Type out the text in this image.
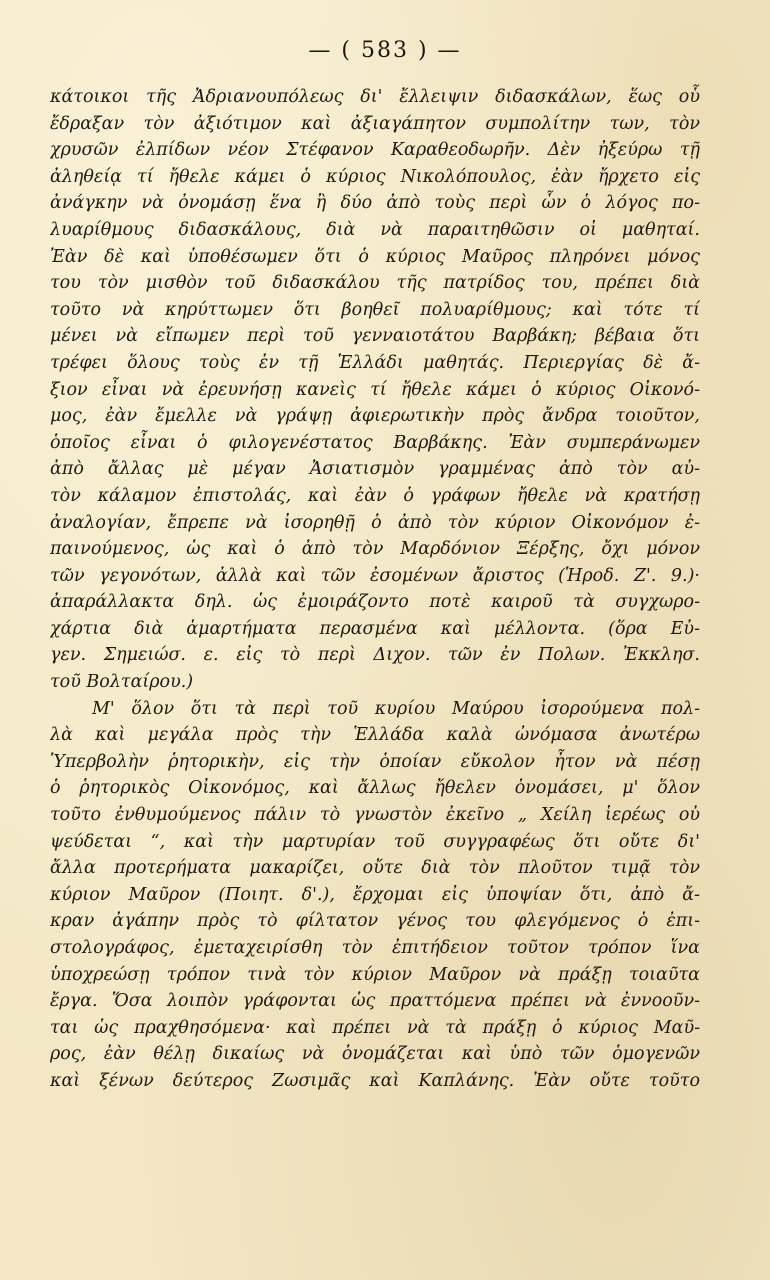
— ( 583 ) —
κάτοικοι τῆς Ἀδριανουπόλεως δι' ἔλλειψιν διδασκάλων, ἕως οὗ
ἔδραξαν τὸν ἀξιότιμον καὶ ἀξιαγάπητον συμπολίτην των, τὸν
χρυσῶν ἐλπίδων νέον Στέφανον Καραθεοδωρῆν. Δὲν ἠξεύρω τῇ
ἀληθείᾳ τί ἤθελε κάμει ὁ κύριος Νικολόπουλος, ἐὰν ἤρχετο εἰς
ἀνάγκην νὰ ὀνομάσῃ ἕνα ἢ δύο ἀπὸ τοὺς περὶ ὧν ὁ λόγος πο-
λυαρίθμους διδασκάλους, διὰ νὰ παραιτηθῶσιν οἱ μαθηταί.
Ἐὰν δὲ καὶ ὑποθέσωμεν ὅτι ὁ κύριος Μαῦρος πληρόνει μόνος
του τὸν μισθὸν τοῦ διδασκάλου τῆς πατρίδος του, πρέπει διὰ
τοῦτο νὰ κηρύττωμεν ὅτι βοηθεῖ πολυαρίθμους; καὶ τότε τί
μένει νὰ εἴπωμεν περὶ τοῦ γενναιοτάτου Βαρβάκη; βέβαια ὅτι
τρέφει ὅλους τοὺς ἐν τῇ Ἑλλάδι μαθητάς. Περιεργίας δὲ ἄ-
ξιον εἶναι νὰ ἐρευνήσῃ κανεὶς τί ἤθελε κάμει ὁ κύριος Οἰκονό-
μος, ἐὰν ἔμελλε νὰ γράψῃ ἀφιερωτικὴν πρὸς ἄνδρα τοιοῦτον,
ὁποῖος εἶναι ὁ φιλογενέστατος Βαρβάκης. Ἐὰν συμπεράνωμεν
ἀπὸ ἄλλας μὲ μέγαν Ἀσιατισμὸν γραμμένας ἀπὸ τὸν αὐ-
τὸν κάλαμον ἐπιστολάς, καὶ ἐὰν ὁ γράφων ἤθελε νὰ κρατήσῃ
ἀναλογίαν, ἔπρεπε νὰ ἰσορηθῇ ὁ ἀπὸ τὸν κύριον Οἰκονόμον ἐ-
παινούμενος, ὡς καὶ ὁ ἀπὸ τὸν Μαρδόνιον Ξέρξης, ὄχι μόνον
τῶν γεγονότων, ἀλλὰ καὶ τῶν ἐσομένων ἄριστος (Ἡροδ. Ζ'. 9.)·
ἀπαράλλακτα δηλ. ὡς ἐμοιράζοντο ποτὲ καιροῦ τὰ συγχωρο-
χάρτια διὰ ἁμαρτήματα περασμένα καὶ μέλλοντα. (ὅρα Εὐ-
γεν. Σημειώσ. ε. εἰς τὸ περὶ Διχον. τῶν ἐν Πολων. Ἐκκλησ.
τοῦ Βολταίρου.)
Μ' ὅλον ὅτι τὰ περὶ τοῦ κυρίου Μαύρου ἰσορούμενα πολ-
λὰ καὶ μεγάλα πρὸς τὴν Ἑλλάδα καλὰ ὠνόμασα ἀνωτέρω
Ὑπερβολὴν ῥητορικὴν, εἰς τὴν ὁποίαν εὔκολον ἦτον νὰ πέσῃ
ὁ ῥητορικὸς Οἰκονόμος, καὶ ἄλλως ἤθελεν ὀνομάσει, μ' ὅλον
τοῦτο ἐνθυμούμενος πάλιν τὸ γνωστὸν ἐκεῖνο „ Χείλη ἱερέως οὐ
ψεύδεται “, καὶ τὴν μαρτυρίαν τοῦ συγγραφέως ὅτι οὔτε δι'
ἄλλα προτερήματα μακαρίζει, οὔτε διὰ τὸν πλοῦτον τιμᾷ τὸν
κύριον Μαῦρον (Ποιητ. δ'.), ἔρχομαι εἰς ὑποψίαν ὅτι, ἀπὸ ἄ-
κραν ἀγάπην πρὸς τὸ φίλτατον γένος του φλεγόμενος ὁ ἐπι-
στολογράφος, ἐμεταχειρίσθη τὸν ἐπιτήδειον τοῦτον τρόπον ἵνα
ὑποχρεώσῃ τρόπον τινὰ τὸν κύριον Μαῦρον νὰ πράξῃ τοιαῦτα
ἔργα. Ὅσα λοιπὸν γράφονται ὡς πραττόμενα πρέπει νὰ ἐννοοῦν-
ται ὡς πραχθησόμενα· καὶ πρέπει νὰ τὰ πράξῃ ὁ κύριος Μαῦ-
ρος, ἐὰν θέλῃ δικαίως νὰ ὀνομάζεται καὶ ὑπὸ τῶν ὁμογενῶν
καὶ ξένων δεύτερος Ζωσιμᾶς καὶ Καπλάνης. Ἐὰν οὔτε τοῦτο
